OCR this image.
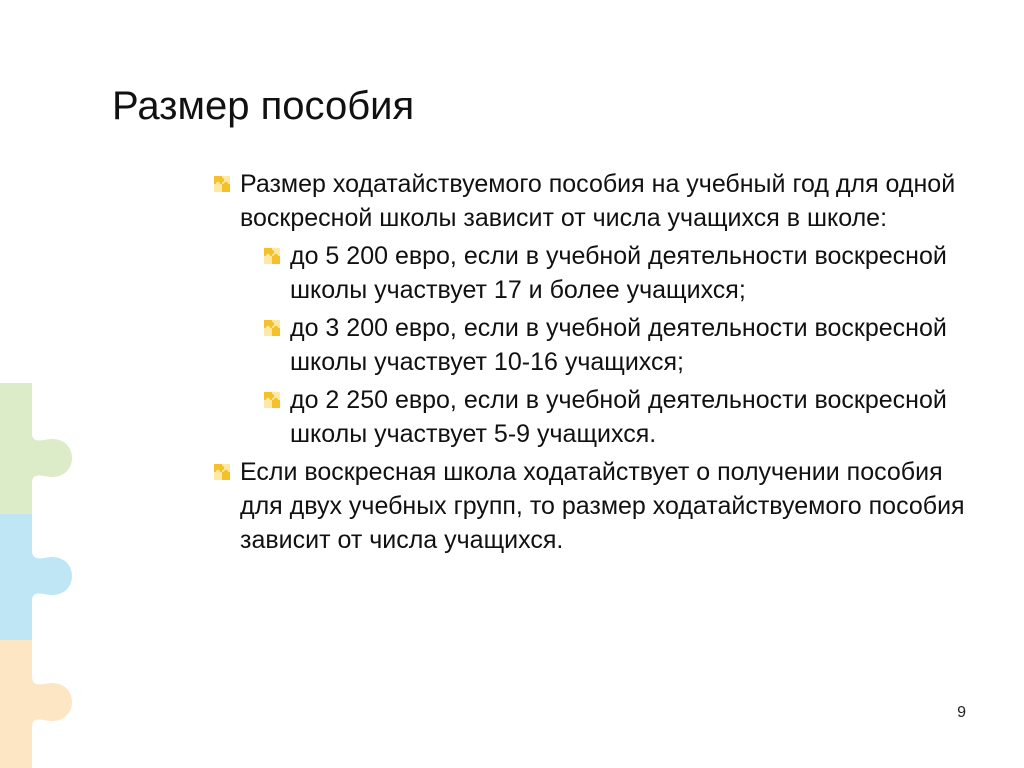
Размер пособия
Размер ходатайствуемого пособия на учебный год для одной воскресной школы зависит от числа учащихся в школе:
до 5 200 евро, если в учебной деятельности воскресной школы участвует 17 и более учащихся;
до 3 200 евро, если в учебной деятельности воскресной школы участвует 10-16 учащихся;
до 2 250 евро, если в учебной деятельности воскресной школы участвует 5-9 учащихся.
Если воскресная школа ходатайствует о получении пособия для двух учебных групп, то размер ходатайствуемого пособия зависит от числа учащихся.
9
